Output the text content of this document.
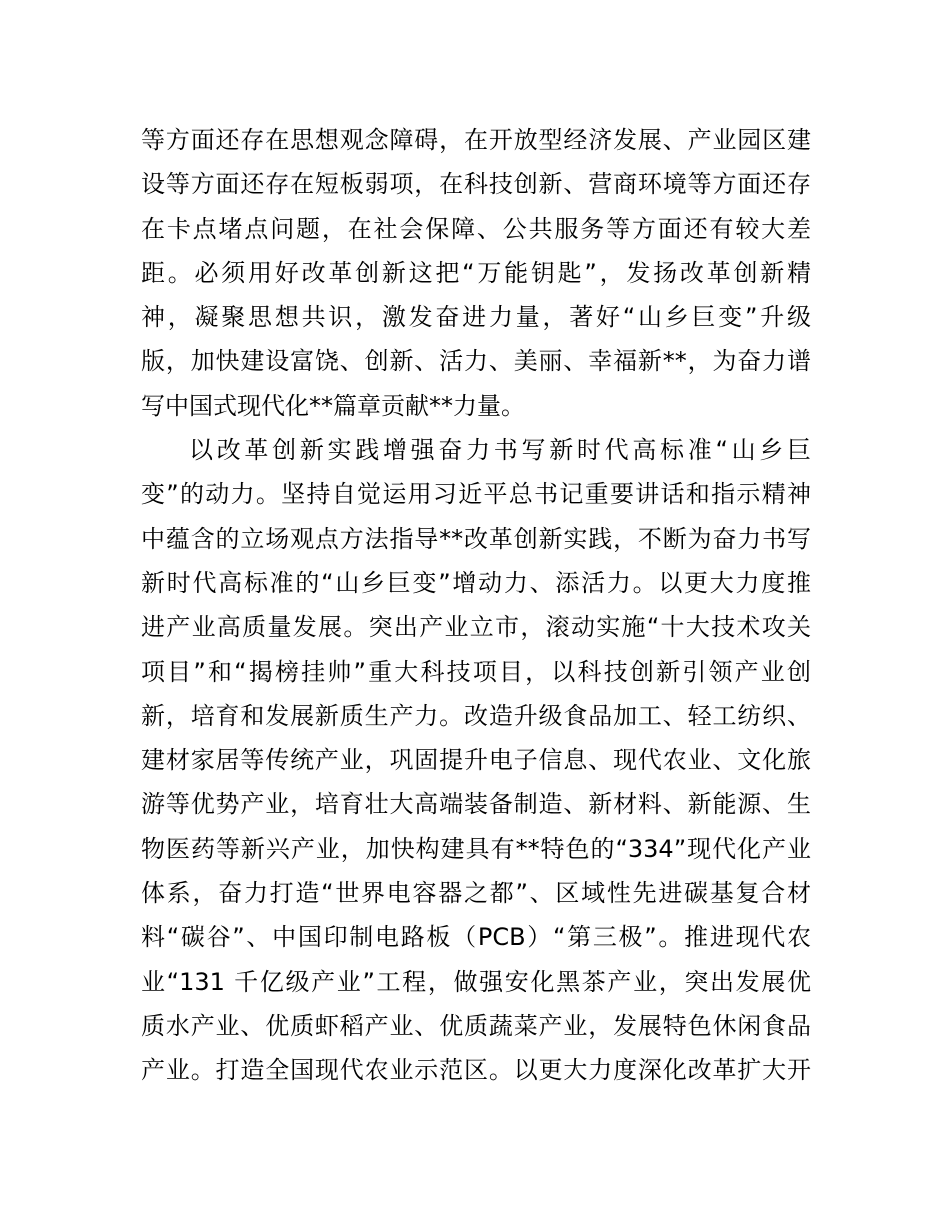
等方面还存在思想观念障碍，在开放型经济发展、产业园区建
设等方面还存在短板弱项，在科技创新、营商环境等方面还存
在卡点堵点问题，在社会保障、公共服务等方面还有较大差
距。必须用好改革创新这把“万能钥匙”，发扬改革创新精
神，凝聚思想共识，激发奋进力量，著好“山乡巨变”升级
版，加快建设富饶、创新、活力、美丽、幸福新**，为奋力谱
写中国式现代化**篇章贡献**力量。
以改革创新实践增强奋力书写新时代高标准“山乡巨
变”的动力。坚持自觉运用习近平总书记重要讲话和指示精神
中蕴含的立场观点方法指导**改革创新实践，不断为奋力书写
新时代高标准的“山乡巨变”增动力、添活力。以更大力度推
进产业高质量发展。突出产业立市，滚动实施“十大技术攻关
项目”和“揭榜挂帅”重大科技项目，以科技创新引领产业创
新，培育和发展新质生产力。改造升级食品加工、轻工纺织、
建材家居等传统产业，巩固提升电子信息、现代农业、文化旅
游等优势产业，培育壮大高端装备制造、新材料、新能源、生
物医药等新兴产业，加快构建具有**特色的“334”现代化产业
体系，奋力打造“世界电容器之都”、区域性先进碳基复合材
料“碳谷”、中国印制电路板（PCB）“第三极”。推进现代农
业“131 千亿级产业”工程，做强安化黑茶产业，突出发展优
质水产业、优质虾稻产业、优质蔬菜产业，发展特色休闲食品
产业。打造全国现代农业示范区。以更大力度深化改革扩大开
